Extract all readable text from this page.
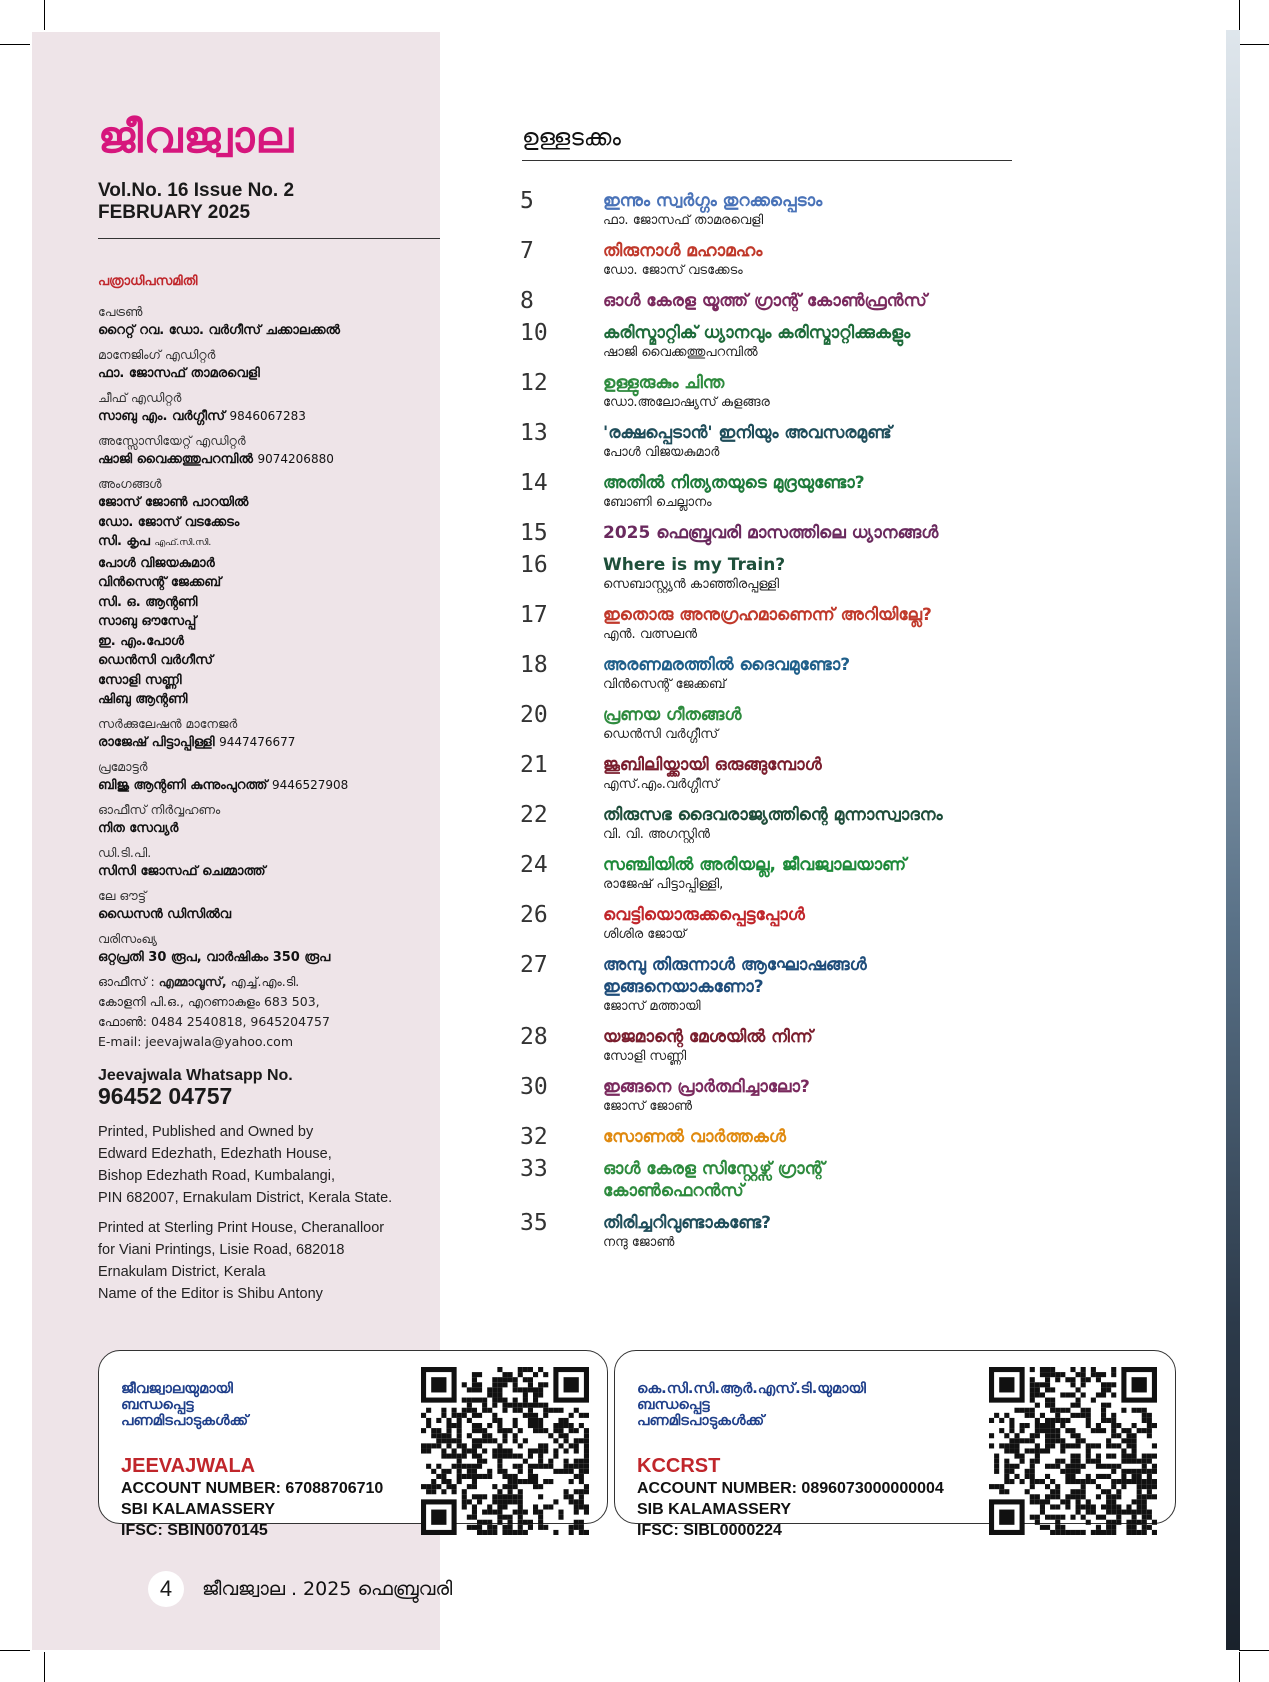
ജീവജ്വാല
Vol.No. 16 Issue No. 2
FEBRUARY 2025
പത്രാധിപസമിതി
പേട്രൺ
റൈറ്റ് റവ. ഡോ. വർഗീസ് ചക്കാലക്കൽ
മാനേജിംഗ് എഡിറ്റർ
ഫാ. ജോസഫ് താമരവെളി
ചീഫ് എഡിറ്റർ
സാബു എം. വർഗ്ഗീസ് 9846067283
അസ്സോസിയേറ്റ് എഡിറ്റർ
ഷാജി വൈക്കത്തുപറമ്പിൽ 9074206880
അംഗങ്ങൾ
ജോസ് ജോൺ പാറയിൽ
ഡോ. ജോസ് വടക്കേടം
സി. കൃപ എഫ്.സി.സി.
പോൾ വിജയകുമാർ
വിൻസെന്റ് ജേക്കബ്
സി. ഒ. ആന്റണി
സാബു ഔസേപ്പ്
ഇ. എം.പോൾ
ഡെൻസി വർഗീസ്
സോളി സണ്ണി
ഷിബു ആന്റണി
സർക്കുലേഷൻ മാനേജർ
രാജേഷ് പിട്ടാപ്പിള്ളി 9447476677
പ്രമോട്ടർ
ബിജു ആന്റണി കുന്നുംപുറത്ത് 9446527908
ഓഫീസ് നിർവ്വഹണം
നിത സേവ്യർ
ഡി.ടി.പി.
സിസി ജോസഫ് ചെമ്മാത്ത്
ലേ ഔട്ട്
ഡൈസൻ ഡിസിൽവ
വരിസംഖ്യ
ഒറ്റപ്രതി 30 രൂപ, വാർഷികം 350 രൂപ
ഓഫീസ് : എമ്മാവൂസ്, എച്ച്.എം.ടി.
കോളനി പി.ഒ., എറണാകുളം 683 503,
ഫോൺ: 0484 2540818, 9645204757
E-mail: jeevajwala@yahoo.com
Jeevajwala Whatsapp No.
96452 04757
Printed, Published and Owned by
Edward Edezhath, Edezhath House,
Bishop Edezhath Road, Kumbalangi,
PIN 682007, Ernakulam District, Kerala State.
Printed at Sterling Print House, Cheranalloor
for Viani Printings, Lisie Road, 682018
Ernakulam District, Kerala
Name of the Editor is Shibu Antony
ഉള്ളടക്കം
5	ഇന്നും സ്വർഗ്ഗം തുറക്കപ്പെടാം
ഫാ. ജോസഫ് താമരവെളി
7	തിരുനാൾ മഹാമഹം
ഡോ. ജോസ് വടക്കേടം
8	ഓൾ കേരള യൂത്ത് ഗ്രാന്റ് കോൺഫ്രൻസ്
10	കരിസ്മാറ്റിക് ധ്യാനവും കരിസ്മാറ്റിക്കുകളും
ഷാജി വൈക്കത്തുപറമ്പിൽ
12	ഉള്ളുരുകും ചിന്ത
ഡോ.അലോഷ്യസ് കുളങ്ങര
13	'രക്ഷപ്പെടാൻ' ഇനിയും അവസരമുണ്ട്
പോൾ വിജയകുമാർ
14	അതിൽ നിത്യതയുടെ മുദ്രയുണ്ടോ?
ബോണി ചെല്ലാനം
15	2025 ഫെബ്രുവരി മാസത്തിലെ ധ്യാനങ്ങൾ
16	Where is my Train?
സെബാസ്റ്റ്യൻ കാഞ്ഞിരപ്പള്ളി
17	ഇതൊരു അനുഗ്രഹമാണെന്ന് അറിയില്ലേ?
എൻ. വത്സലൻ
18	അരണമരത്തിൽ ദൈവമുണ്ടോ?
വിൻസെന്റ് ജേക്കബ്
20	പ്രണയ ഗീതങ്ങൾ
ഡെൻസി വർഗ്ഗീസ്
21	ജൂബിലിയ്ക്കായി ഒരുങ്ങുമ്പോൾ
എസ്.എം.വർഗ്ഗീസ്
22	തിരുസഭ ദൈവരാജ്യത്തിന്റെ മുന്നാസ്വാദനം
വി. വി. അഗസ്റ്റിൻ
24	സഞ്ചിയിൽ അരിയല്ല, ജീവജ്വാലയാണ്
രാജേഷ് പിട്ടാപ്പിള്ളി,
26	വെട്ടിയൊരുക്കപ്പെട്ടപ്പോൾ
ശിശിര ജോയ്
27	അമ്പു തിരുന്നാൾ ആഘോഷങ്ങൾ ഇങ്ങനെയാകണോ?
ജോസ് മത്തായി
28	യജമാന്റെ മേശയിൽ നിന്ന്
സോളി സണ്ണി
30	ഇങ്ങനെ പ്രാർത്ഥിച്ചാലോ?
ജോസ് ജോൺ
32	സോണൽ വാർത്തകൾ
33	ഓൾ കേരള സിസ്റ്റേഴ്സ് ഗ്രാന്റ് കോൺഫെറൻസ്
35	തിരിച്ചറിവുണ്ടാകണ്ടേ?
നന്ദു ജോൺ
ജീവജ്വാലയുമായി
ബന്ധപ്പെട്ട
പണമിടപാടുകൾക്ക്
JEEVAJWALA
ACCOUNT NUMBER: 67088706710
SBI KALAMASSERY
IFSC: SBIN0070145
കെ.സി.സി.ആർ.എസ്.ടി.യുമായി
ബന്ധപ്പെട്ട
പണമിടപാടുകൾക്ക്
KCCRST
ACCOUNT NUMBER: 0896073000000004
SIB KALAMASSERY
IFSC: SIBL0000224
4	ജീവജ്വാല . 2025 ഫെബ്രുവരി
